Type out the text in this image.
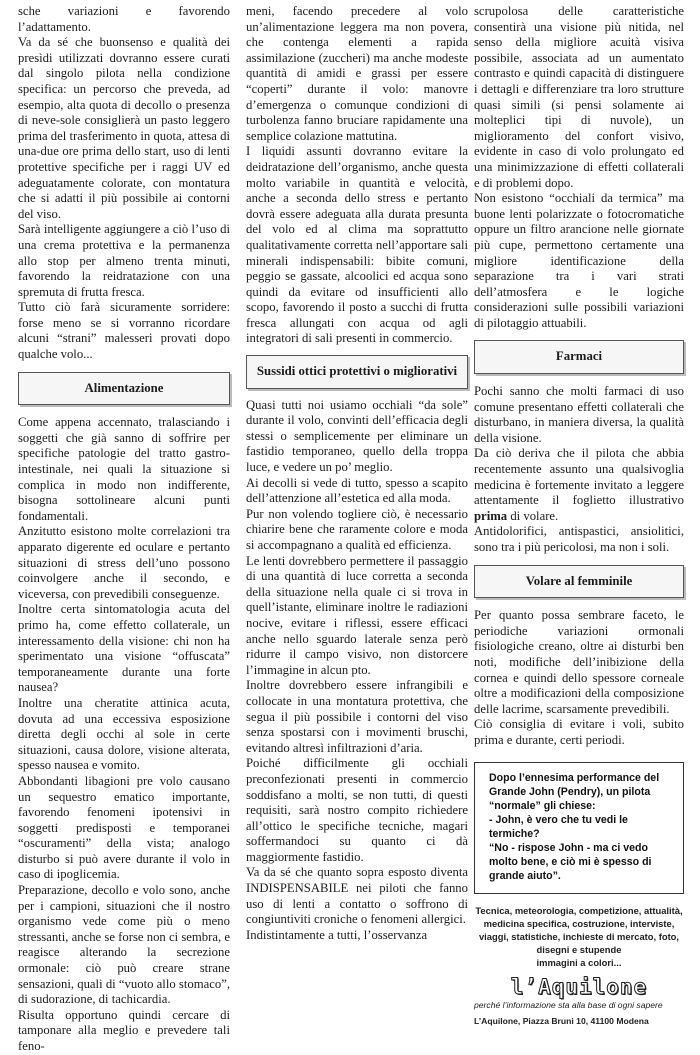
sche variazioni e favorendo l’adattamento.

Va da sé che buonsenso e qualità dei presìdi utilizzati dovranno essere curati dal singolo pilota nella condizione specifica: un percorso che preveda, ad esempio, alta quota di decollo o presenza di neve-sole consiglierà un pasto leggero prima del trasferimento in quota, attesa di una-due ore prima dello start, uso di lenti protettive specifiche per i raggi UV ed adeguatamente colorate, con montatura che si adatti il più possibile ai contorni del viso.

Sarà intelligente aggiungere a ciò l’uso di una crema protettiva e la permanenza allo stop per almeno trenta minuti, favorendo la reidratazione con una spremuta di frutta fresca.

Tutto ciò farà sicuramente sorridere: forse meno se si vorranno ricordare alcuni “strani” malesseri provati dopo qualche volo...

Alimentazione

Come appena accennato, tralasciando i soggetti che già sanno di soffrire per specifiche patologie del tratto gastro-intestinale, nei quali la situazione si complica in modo non indifferente, bisogna sottolineare alcuni punti fondamentali.

Anzitutto esistono molte correlazioni tra apparato digerente ed oculare e pertanto situazioni di stress dell’uno possono coinvolgere anche il secondo, e viceversa, con prevedibili conseguenze.

Inoltre certa sintomatologia acuta del primo ha, come effetto collaterale, un interessamento della visione: chi non ha sperimentato una visione “offuscata” temporaneamente durante una forte nausea?

Inoltre una cheratite attinica acuta, dovuta ad una eccessiva esposizione diretta degli occhi al sole in certe situazioni, causa dolore, visione alterata, spesso nausea e vomito.

Abbondanti libagioni pre volo causano un sequestro ematico importante, favorendo fenomeni ipotensivi in soggetti predisposti e temporanei “oscuramenti” della vista; analogo disturbo si può avere durante il volo in caso di ipoglicemia.

Preparazione, decollo e volo sono, anche per i campioni, situazioni che il nostro organismo vede come più o meno stressanti, anche se forse non ci sembra, e reagisce alterando la secrezione ormonale: ciò può creare strane sensazioni, quali di “vuoto allo stomaco”, di sudorazione, di tachicardia.

Risulta opportuno quindi cercare di tamponare alla meglio e prevedere tali feno-

meni, facendo precedere al volo un’alimentazione leggera ma non povera, che contenga elementi a rapida assimilazione (zuccheri) ma anche modeste quantità di amidi e grassi per essere “coperti” durante il volo: manovre d’emergenza o comunque condizioni di turbolenza fanno bruciare rapidamente una semplice colazione mattutina.

I liquidi assunti dovranno evitare la deidratazione dell’organismo, anche questa molto variabile in quantità e velocità, anche a seconda dello stress e pertanto dovrà essere adeguata alla durata presunta del volo ed al clima ma soprattutto qualitativamente corretta nell’apportare sali minerali indispensabili: bibite comuni, peggio se gassate, alcoolici ed acqua sono quindi da evitare od insufficienti allo scopo, favorendo il posto a succhi di frutta fresca allungati con acqua od agli integratori di sali presenti in commercio.

Sussidi ottici protettivi o migliorativi

Quasi tutti noi usiamo occhiali “da sole” durante il volo, convinti dell’efficacia degli stessi o semplicemente per eliminare un fastidio temporaneo, quello della troppa luce, e vedere un po’ meglio.

Ai decolli si vede di tutto, spesso a scapito dell’attenzione all’estetica ed alla moda.

Pur non volendo togliere ciò, è necessario chiarire bene che raramente colore e moda si accompagnano a qualità ed efficienza.

Le lenti dovrebbero permettere il passaggio di una quantità di luce corretta a seconda della situazione nella quale ci si trova in quell’istante, eliminare inoltre le radiazioni nocive, evitare i riflessi, essere efficaci anche nello sguardo laterale senza però ridurre il campo visivo, non distorcere l’immagine in alcun pto.

Inoltre dovrebbero essere infrangibili e collocate in una montatura protettiva, che segua il più possibile i contorni del viso senza spostarsi con i movimenti bruschi, evitando altresì infiltrazioni d’aria.

Poiché difficilmente gli occhiali preconfezionati presenti in commercio soddisfano a molti, se non tutti, di questi requisiti, sarà nostro compito richiedere all’ottico le specifiche tecniche, magari soffermandoci su quanto ci dà maggiormente fastidio.

Va da sé che quanto sopra esposto diventa INDISPENSABILE nei piloti che fanno uso di lenti a contatto o soffrono di congiuntiviti croniche o fenomeni allergici.

Indistintamente a tutti, l’osservanza

scrupolosa delle caratteristiche consentirà una visione più nitida, nel senso della migliore acuità visiva possibile, associata ad un aumentato contrasto e quindi capacità di distinguere i dettagli e differenziare tra loro strutture quasi simili (si pensi solamente ai molteplici tipi di nuvole), un miglioramento del confort visivo, evidente in caso di volo prolungato ed una minimizzazione di effetti collaterali e di problemi dopo.

Non esistono “occhiali da termica” ma buone lenti polarizzate o fotocromatiche oppure un filtro arancione nelle giornate più cupe, permettono certamente una migliore identificazione della separazione tra i vari strati dell’atmosfera e le logiche considerazioni sulle possibili variazioni di pilotaggio attuabili.

Farmaci

Pochi sanno che molti farmaci di uso comune presentano effetti collaterali che disturbano, in maniera diversa, la qualità della visione.

Da ciò deriva che il pilota che abbia recentemente assunto una qualsivoglia medicina è fortemente invitato a leggere attentamente il foglietto illustrativo prima di volare.

Antidolorifici, antispastici, ansiolitici, sono tra i più pericolosi, ma non i soli.

Volare al femminile

Per quanto possa sembrare faceto, le periodiche variazioni ormonali fisiologiche creano, oltre ai disturbi ben noti, modifiche dell’inibizione della cornea e quindi dello spessore corneale oltre a modificazioni della composizione delle lacrime, scarsamente prevedibili.

Ciò consiglia di evitare i voli, subito prima e durante, certi periodi.

Dopo l’ennesima performance del Grande John (Pendry), un pilota “normale” gli chiese:

- John, è vero che tu vedi le termiche?

“No - rispose John - ma ci vedo molto bene, e ciò mi è spesso di grande aiuto”.

Tecnica, meteorologia, competizione, attualità, medicina specifica, costruzione, interviste, viaggi, statistiche, inchieste di mercato, foto, disegni e stupende

immagini a colori...

l’Aquilone
perché l’informazione sta alla base di ogni sapere
L’Aquilone, Piazza Bruni 10, 41100 Modena
